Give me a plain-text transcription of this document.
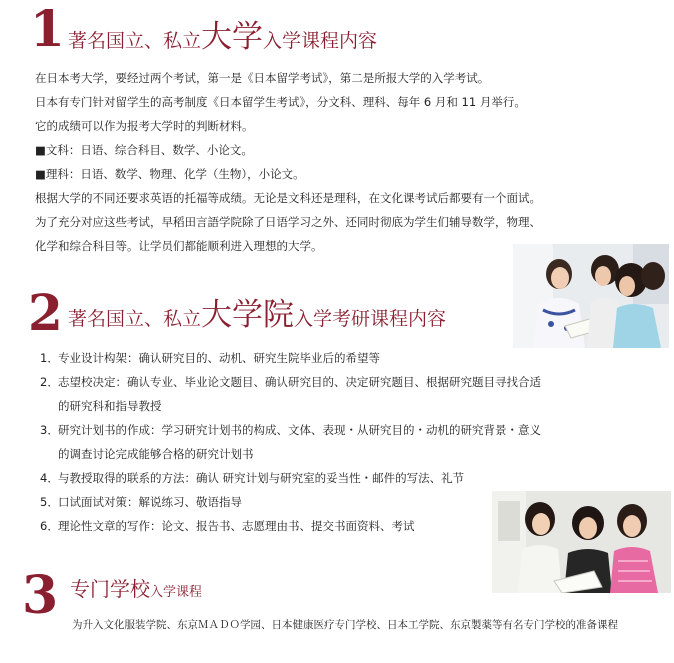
1 著名国立、私立大学入学课程内容
在日本考大学，要经过两个考试，第一是《日本留学考试》，第二是所报大学的入学考试。
日本有专门针对留学生的高考制度《日本留学生考试》，分文科、理科、每年 6 月和 11 月举行。
它的成绩可以作为报考大学时的判断材料。
■文科：日语、综合科目、数学、小论文。
■理科：日语、数学、物理、化学（生物），小论文。
根据大学的不同还要求英语的托福等成绩。无论是文科还是理科，在文化课考试后都要有一个面试。
为了充分对应这些考试，早稻田言語学院除了日语学习之外、还同时彻底为学生们辅导数学，物理、
化学和综合科目等。让学员们都能顺利进入理想的大学。
2 著名国立、私立大学院入学考研课程内容
1．专业设计构架：确认研究目的、动机、研究生院毕业后的希望等
2．志望校决定：确认专业、毕业论文题目、确认研究目的、决定研究题目、根据研究题目寻找合适
的研究科和指导教授
3．研究计划书的作成：学习研究计划书的构成、文体、表现・从研究目的・动机的研究背景・意义
的调查讨论完成能够合格的研究计划书
4．与教授取得的联系的方法：确认 研究计划与研究室的妥当性・邮件的写法、礼节
5．口试面试对策：解说练习、敬语指导
6．理论性文章的写作：论文、报告书、志愿理由书、提交书面资料、考试
3 专门学校入学课程
为升入文化服装学院、东京ＭＡＤＯ学园、日本健康医疗专门学校、日本工学院、东京製薬等有名专门学校的准备课程
